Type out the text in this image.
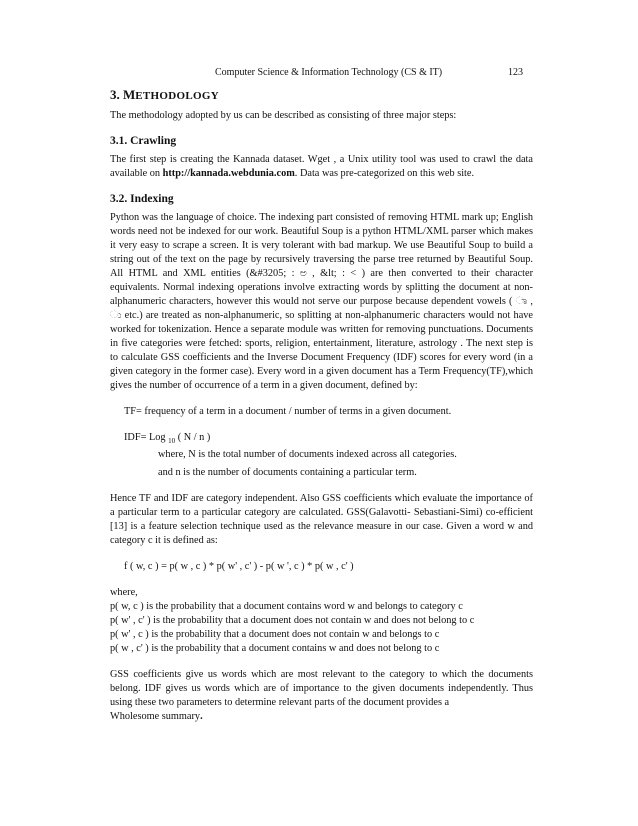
Computer Science & Information Technology (CS & IT)	123
3. METHODOLOGY

The methodology adopted by us can be described as consisting of three major steps:

3.1. Crawling

The first step is creating the Kannada dataset. Wget , a Unix utility tool was used to crawl the data available on http://kannada.webdunia.com. Data was pre-categorized on this web site.

3.2. Indexing

Python was the language of choice. The indexing part consisted of removing HTML mark up; English words need not be indexed for our work. Beautiful Soup is a python HTML/XML parser which makes it very easy to scrape a screen. It is very tolerant with bad markup. We use Beautiful Soup to build a string out of the text on the page by recursively traversing the parse tree returned by Beautiful Soup. All HTML and XML entities (&#3205; : ಅ , &lt; : < ) are then converted to their character equivalents. Normal indexing operations involve extracting words by splitting the document at non-alphanumeric characters, however this would not serve our purpose because dependent vowels ( ಾ , ು etc.) are treated as non-alphanumeric, so splitting at non-alphanumeric characters would not have worked for tokenization. Hence a separate module was written for removing punctuations. Documents in five categories were fetched: sports, religion, entertainment, literature, astrology . The next step is to calculate GSS coefficients and the Inverse Document Frequency (IDF) scores for every word (in a given category in the former case). Every word in a given document has a Term Frequency(TF),which gives the number of occurrence of a term in a given document, defined by:

TF= frequency of a term in a document / number of terms in a given document.

IDF= Log $_{10}$ ( N / n )

where, N is the total number of documents indexed across all categories.
and n is the number of documents containing a particular term.

Hence TF and IDF are category independent. Also GSS coefficients which evaluate the importance of a particular term to a particular category are calculated. GSS(Galavotti- Sebastiani-Simi) co-efficient [13] is a feature selection technique used as the relevance measure in our case. Given a word w and category c it is defined as:

f ( w, c ) = p( w , c ) * p( w' , c' ) - p( w ', c ) * p( w , c' )

where,
p( w, c ) is the probability that a document contains word w and belongs to category c
p( w' , c' ) is the probability that a document does not contain w and does not belong to c
p( w' , c ) is the probability that a document does not contain w and belongs to c
p( w , c' ) is the probability that a document contains w and does not belong to c

GSS coefficients give us words which are most relevant to the category to which the documents belong. IDF gives us words which are of importance to the given documents independently. Thus using these two parameters to determine relevant parts of the document provides a
Wholesome summary.
